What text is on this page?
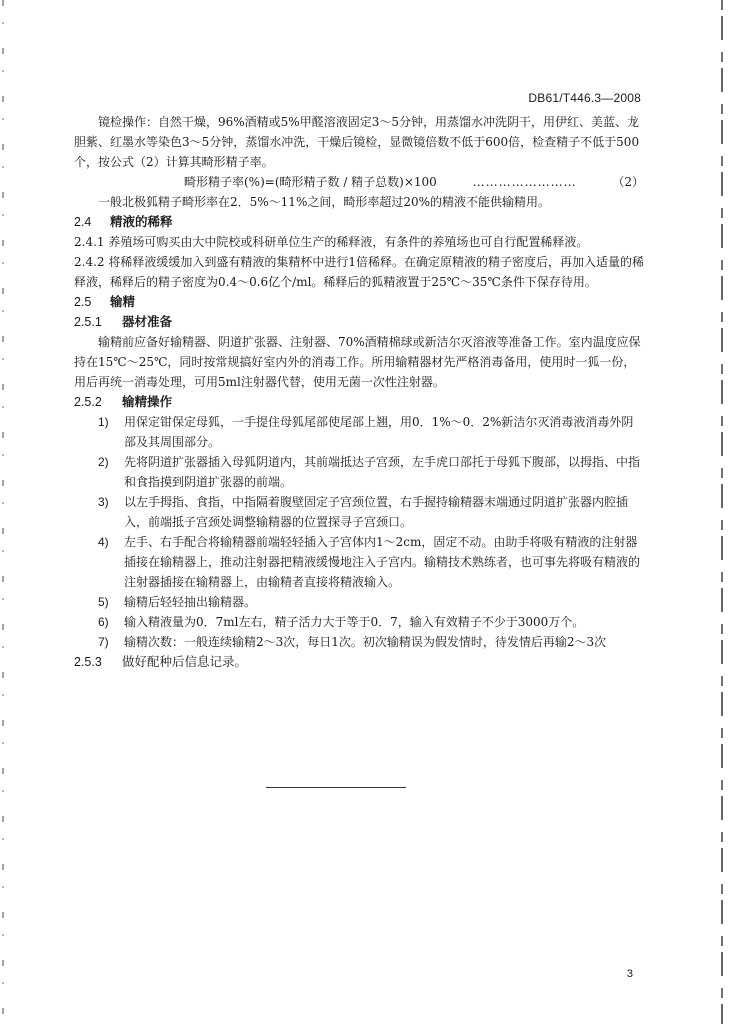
DB61/T446.3—2008

镜检操作：自然干燥，96%酒精或5%甲醛溶液固定3～5分钟，用蒸馏水冲洗阴干，用伊红、美蓝、龙胆紫、红墨水等染色3～5分钟，蒸馏水冲洗，干燥后镜检，显微镜倍数不低于600倍，检查精子不低于500个，按公式（2）计算其畸形精子率。

畸形精子率(%)=(畸形精子数 / 精子总数)×100	……………………	（2）

一般北极狐精子畸形率在2．5%～11%之间，畸形率超过20%的精液不能供输精用。

2.4	精液的稀释

2.4.1 养殖场可购买由大中院校或科研单位生产的稀释液，有条件的养殖场也可自行配置稀释液。

2.4.2 将稀释液缓缓加入到盛有精液的集精杯中进行1倍稀释。在确定原精液的精子密度后，再加入适量的稀释液，稀释后的精子密度为0.4～0.6亿个/ml。稀释后的狐精液置于25℃～35℃条件下保存待用。

2.5	输精
2.5.1	器材准备

输精前应备好输精器、阴道扩张器、注射器、70%酒精棉球或新洁尔灭溶液等准备工作。室内温度应保持在15℃～25℃，同时按常规搞好室内外的消毒工作。所用输精器材先严格消毒备用，使用时一狐一份，用后再统一消毒处理，可用5ml注射器代替，使用无菌一次性注射器。

2.5.2	输精操作
1)	用保定钳保定母狐，一手提住母狐尾部使尾部上翘，用0．1%～0．2%新洁尔灭消毒液消毒外阴部及其周围部分。
2)	先将阴道扩张器插入母狐阴道内，其前端抵达子宫颈，左手虎口部托于母狐下腹部，以拇指、中指和食指摸到阴道扩张器的前端。
3)	以左手拇指、食指，中指隔着腹壁固定子宫颈位置，右手握持输精器末端通过阴道扩张器内腔插入，前端抵子宫颈处调整输精器的位置探寻子宫颈口。
4)	左手、右手配合将输精器前端轻轻插入子宫体内1～2cm，固定不动。由助手将吸有精液的注射器插接在输精器上，推动注射器把精液缓慢地注入子宫内。输精技术熟练者，也可事先将吸有精液的注射器插接在输精器上，由输精者直接将精液输入。
5)	输精后轻轻抽出输精器。
6)	输入精液量为0．7ml左右，精子活力大于等于0．7，输入有效精子不少于3000万个。
7)	输精次数：一般连续输精2～3次，每日1次。初次输精误为假发情时，待发情后再输2～3次
2.5.3	做好配种后信息记录。
3
